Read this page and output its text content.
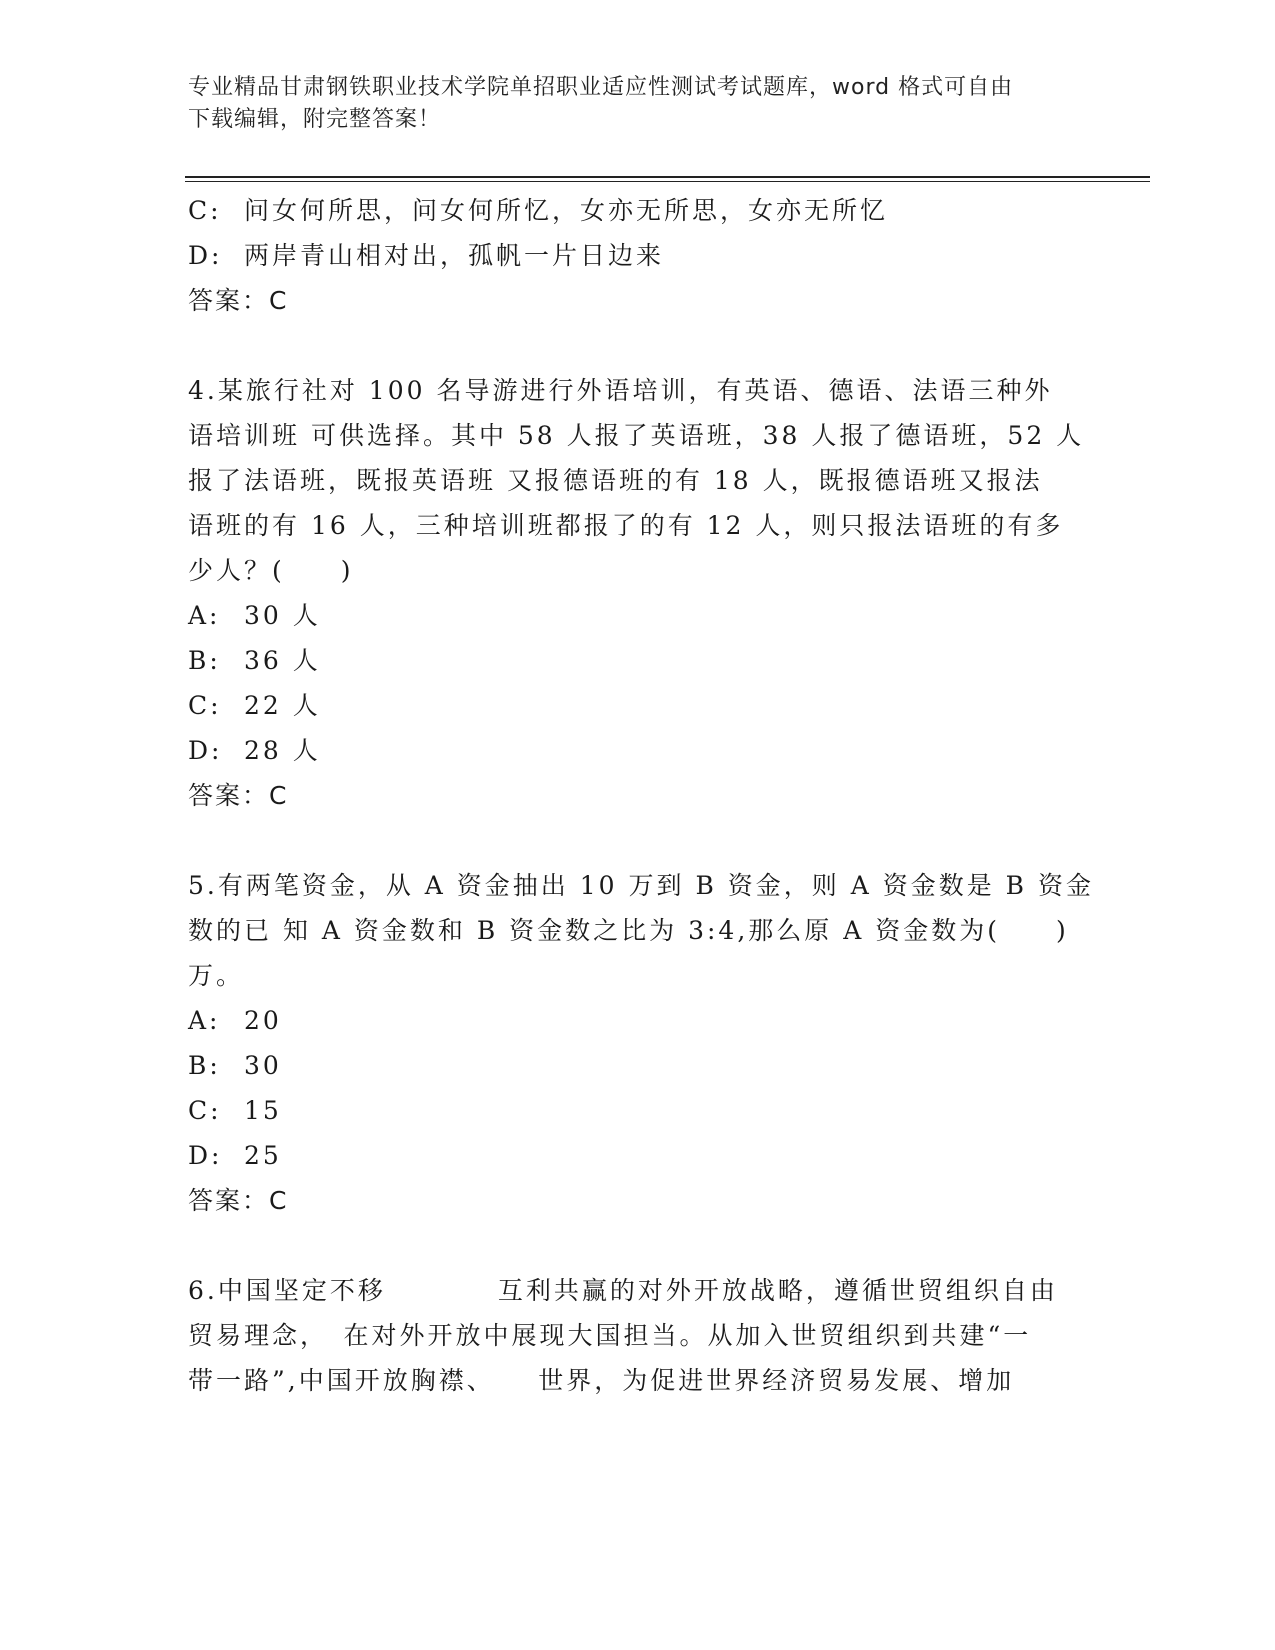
专业精品甘肃钢铁职业技术学院单招职业适应性测试考试题库，word 格式可自由
下载编辑，附完整答案！
C: 问女何所思，问女何所忆，女亦无所思，女亦无所忆
D: 两岸青山相对出，孤帆一片日边来
答案：C
4.某旅行社对 100 名导游进行外语培训，有英语、德语、法语三种外
语培训班 可供选择。其中 58 人报了英语班，38 人报了德语班，52 人
报了法语班，既报英语班 又报德语班的有 18 人，既报德语班又报法
语班的有 16 人，三种培训班都报了的有 12 人，则只报法语班的有多
少人？(　　)
A: 30 人
B: 36 人
C: 22 人
D: 28 人
答案：C
5.有两笔资金，从 A 资金抽出 10 万到 B 资金，则 A 资金数是 B 资金
数的已 知 A 资金数和 B 资金数之比为 3:4,那么原 A 资金数为(　　)
万。
A: 20
B: 30
C: 15
D: 25
答案：C
6.中国坚定不移　　　　互利共赢的对外开放战略，遵循世贸组织自由
贸易理念，　在对外开放中展现大国担当。从加入世贸组织到共建“一
带一路”,中国开放胸襟、　　世界，为促进世界经济贸易发展、增加
